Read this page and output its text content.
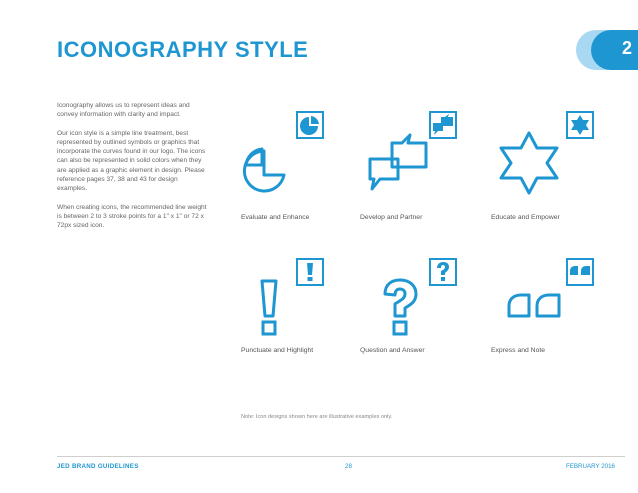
ICONOGRAPHY STYLE	2

Iconography allows us to represent ideas and convey information with clarity and impact.

Our icon style is a simple line treatment, best represented by outlined symbols or graphics that incorporate the curves found in our logo. The icons can also be represented in solid colors when they are applied as a graphic element in design. Please reference pages 37, 38 and 43 for design examples.

When creating icons, the recommended line weight is between 2 to 3 stroke points for a 1" x 1" or 72 x 72px sized icon.

Evaluate and Enhance	Develop and Partner	Educate and Empower
Punctuate and Highlight	Question and Answer	Express and Note
Note: Icon designs shown here are illustrative examples only.
JED BRAND GUIDELINES	28	FEBRUARY 2016
